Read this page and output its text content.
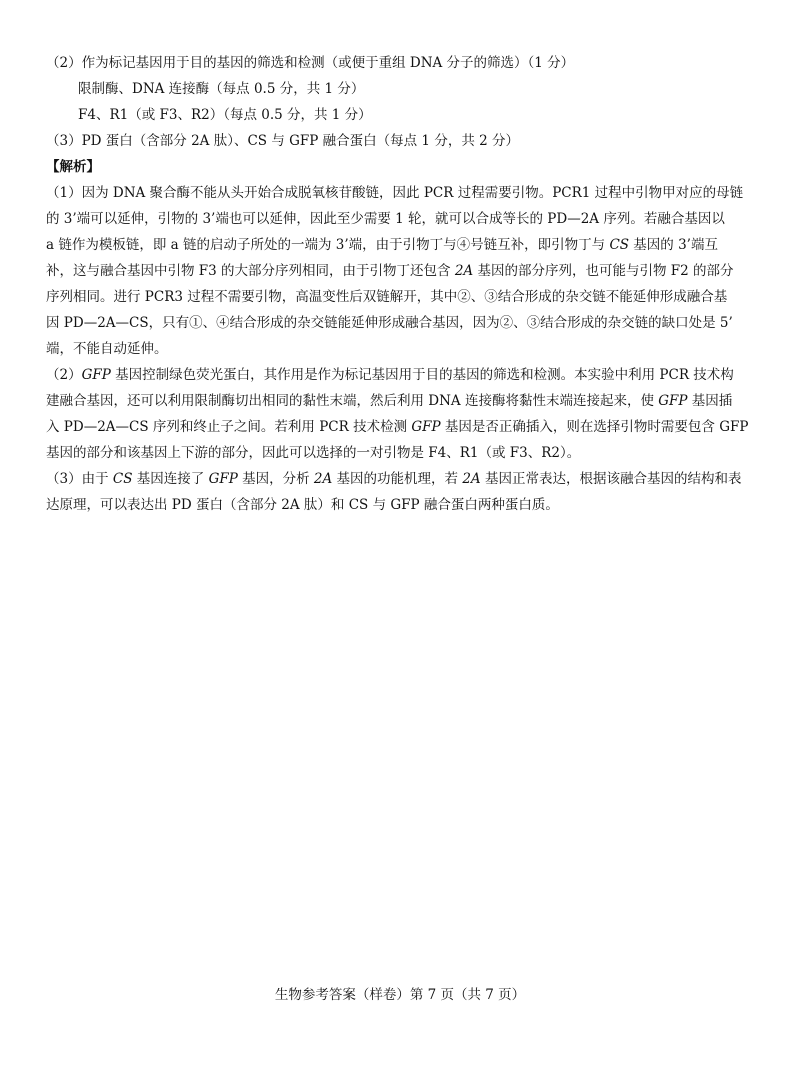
（2）作为标记基因用于目的基因的筛选和检测（或便于重组 DNA 分子的筛选）（1 分）
限制酶、DNA 连接酶（每点 0.5 分，共 1 分）
F4、R1（或 F3、R2）（每点 0.5 分，共 1 分）
（3）PD 蛋白（含部分 2A 肽）、CS 与 GFP 融合蛋白（每点 1 分，共 2 分）
【解析】
（1）因为 DNA 聚合酶不能从头开始合成脱氧核苷酸链，因此 PCR 过程需要引物。PCR1 过程中引物甲对应的母链
的 3’端可以延伸，引物的 3’端也可以延伸，因此至少需要 1 轮，就可以合成等长的 PD—2A 序列。若融合基因以
a 链作为模板链，即 a 链的启动子所处的一端为 3’端，由于引物丁与④号链互补，即引物丁与 CS 基因的 3’端互
补，这与融合基因中引物 F3 的大部分序列相同，由于引物丁还包含 2A 基因的部分序列，也可能与引物 F2 的部分
序列相同。进行 PCR3 过程不需要引物，高温变性后双链解开，其中②、③结合形成的杂交链不能延伸形成融合基
因 PD—2A—CS，只有①、④结合形成的杂交链能延伸形成融合基因，因为②、③结合形成的杂交链的缺口处是 5’
端，不能自动延伸。
（2）GFP 基因控制绿色荧光蛋白，其作用是作为标记基因用于目的基因的筛选和检测。本实验中利用 PCR 技术构
建融合基因，还可以利用限制酶切出相同的黏性末端，然后利用 DNA 连接酶将黏性末端连接起来，使 GFP 基因插
入 PD—2A—CS 序列和终止子之间。若利用 PCR 技术检测 GFP 基因是否正确插入，则在选择引物时需要包含 GFP
基因的部分和该基因上下游的部分，因此可以选择的一对引物是 F4、R1（或 F3、R2）。
（3）由于 CS 基因连接了 GFP 基因，分析 2A 基因的功能机理，若 2A 基因正常表达，根据该融合基因的结构和表
达原理，可以表达出 PD 蛋白（含部分 2A 肽）和 CS 与 GFP 融合蛋白两种蛋白质。
生物参考答案（样卷）第 7 页（共 7 页）
